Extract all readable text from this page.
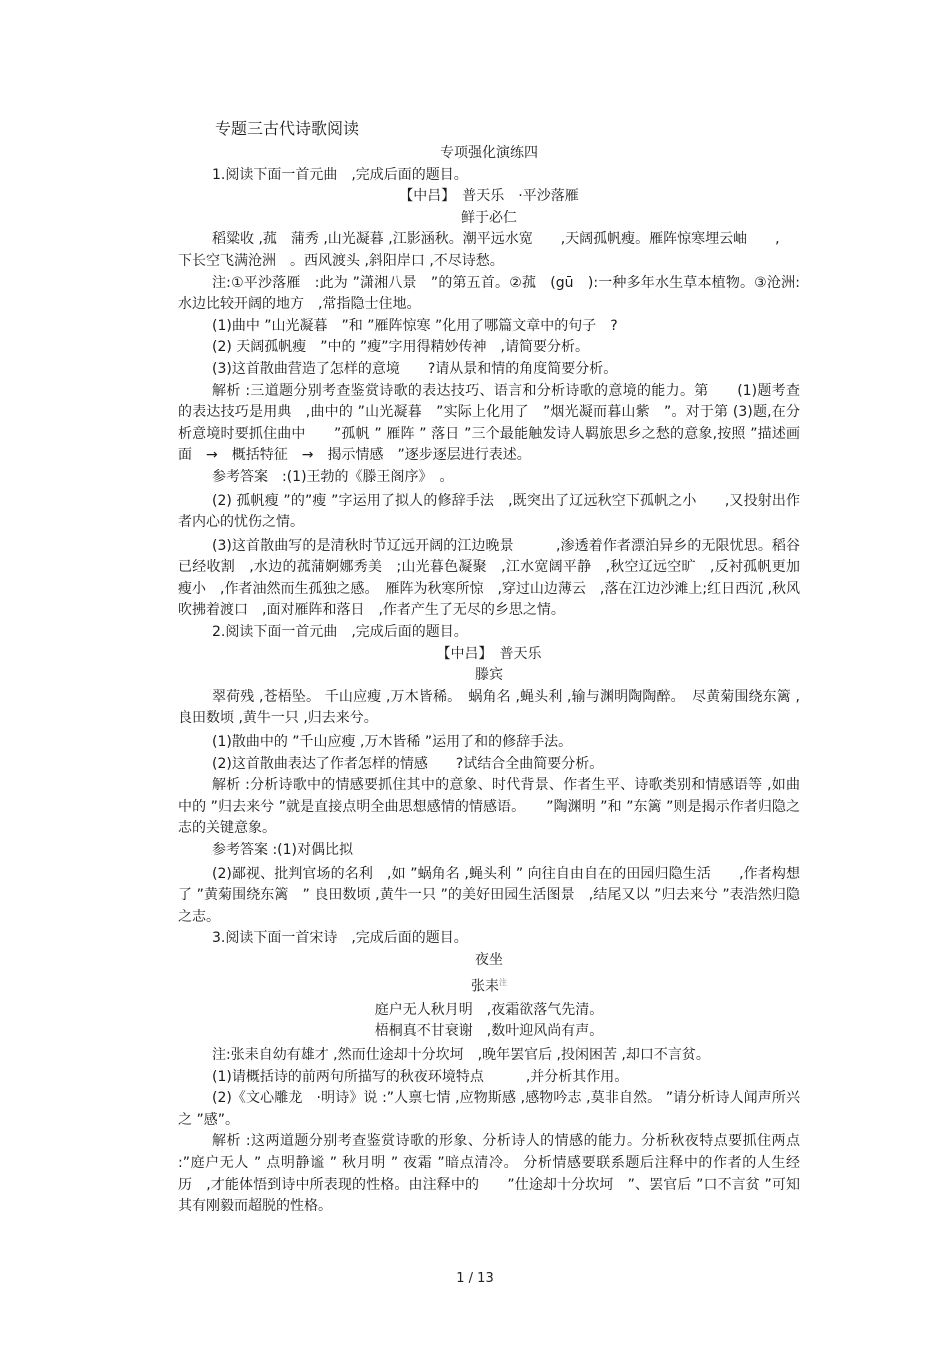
专题三古代诗歌阅读
专项强化演练四
1.阅读下面一首元曲　,完成后面的题目。
【中吕】　普天乐　·平沙落雁
鲜于必仁
稻粱收 ,菰　蒲秀 ,山光凝暮 ,江影涵秋。潮平远水宽　　,天阔孤帆瘦。雁阵惊寒埋云岫　　,
下长空飞满沧洲　。西风渡头 ,斜阳岸口 ,不尽诗愁。
注:①平沙落雁　:此为 ”潇湘八景　”的第五首。②菰　(gū　):一种多年水生草本植物。③沧洲:水边比较开阔的地方　,常指隐士住地。
(1)曲中 ”山光凝暮　”和 ”雁阵惊寒 ”化用了哪篇文章中的句子　?
(2) 天阔孤帆瘦　”中的 ”瘦”字用得精妙传神　,请简要分析。
(3)这首散曲营造了怎样的意境　　?请从景和情的角度简要分析。
解析 :三道题分别考查鉴赏诗歌的表达技巧、语言和分析诗歌的意境的能力。第　　(1)题考查的表达技巧是用典　,曲中的 ”山光凝暮　”实际上化用了　”烟光凝而暮山紫　”。对于第 (3)题,在分析意境时要抓住曲中　　”孤帆 ” 雁阵 ” 落日 ”三个最能触发诗人羁旅思乡之愁的意象,按照 ”描述画面　→　概括特征　→　揭示情感　”逐步逐层进行表述。
参考答案　:(1)王勃的《滕王阁序》　。
(2) 孤帆瘦 ”的”瘦 ”字运用了拟人的修辞手法　,既突出了辽远秋空下孤帆之小　　,又投射出作者内心的忧伤之情。
(3)这首散曲写的是清秋时节辽远开阔的江边晚景　　　,渗透着作者漂泊异乡的无限忧思。稻谷已经收割　,水边的菰蒲婀娜秀美　;山光暮色凝聚　,江水宽阔平静　,秋空辽远空旷　,反衬孤帆更加瘦小　,作者油然而生孤独之感。　雁阵为秋寒所惊　,穿过山边薄云　,落在江边沙滩上;红日西沉 ,秋风吹拂着渡口　,面对雁阵和落日　,作者产生了无尽的乡思之情。
2.阅读下面一首元曲　,完成后面的题目。
【中吕】　普天乐
滕宾
翠荷残 ,苍梧坠。 千山应瘦 ,万木皆稀。　蜗角名 ,蝇头利 ,输与渊明陶陶醉。　尽黄菊围绕东篱 ,良田数顷 ,黄牛一只 ,归去来兮。
(1)散曲中的 ”千山应瘦 ,万木皆稀 ”运用了和的修辞手法。
(2)这首散曲表达了作者怎样的情感　　?试结合全曲简要分析。
解析 :分析诗歌中的情感要抓住其中的意象、时代背景、作者生平、诗歌类别和情感语等 ,如曲中的 ”归去来兮 ”就是直接点明全曲思想感情的情感语。　　”陶渊明 ”和 ”东篱 ”则是揭示作者归隐之志的关键意象。
参考答案 :(1)对偶比拟
(2)鄙视、批判官场的名利　,如 ”蜗角名 ,蝇头利 ” 向往自由自在的田园归隐生活　　,作者构想了 ”黄菊围绕东篱　” 良田数顷 ,黄牛一只 ”的美好田园生活图景　,结尾又以 ”归去来兮 ”表浩然归隐之志。
3.阅读下面一首宋诗　,完成后面的题目。
夜坐
张耒$^注$
庭户无人秋月明　,夜霜欲落气先清。
梧桐真不甘衰谢　,数叶迎风尚有声。
注:张耒自幼有雄才 ,然而仕途却十分坎坷　,晚年罢官后 ,投闲困苦 ,却口不言贫。
(1)请概括诗的前两句所描写的秋夜环境特点　　　,并分析其作用。
(2)《文心雕龙　·明诗》说 :”人禀七情 ,应物斯感 ,感物吟志 ,莫非自然。 ”请分析诗人闻声所兴之 ”感”。
解析 :这两道题分别考查鉴赏诗歌的形象、分析诗人的情感的能力。分析秋夜特点要抓住两点 :”庭户无人 ” 点明静谧 ” 秋月明 ” 夜霜 ”暗点清冷。 分析情感要联系题后注释中的作者的人生经历　,才能体悟到诗中所表现的性格。由注释中的　　”仕途却十分坎坷　”、罢官后 ”口不言贫 ”可知其有刚毅而超脱的性格。
1 / 13
